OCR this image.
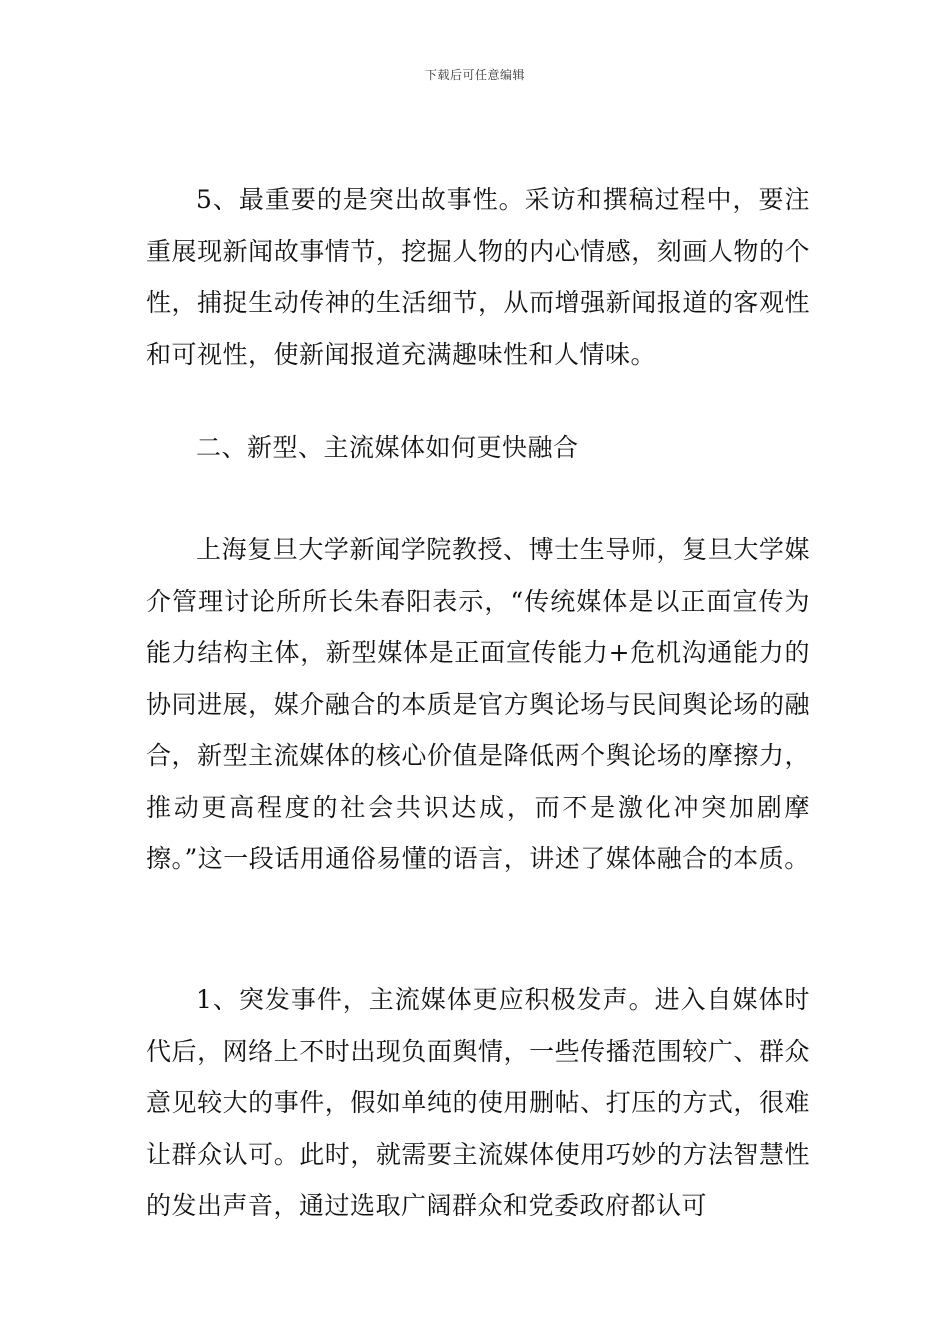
下载后可任意编辑

5、最重要的是突出故事性。采访和撰稿过程中，要注重展现新闻故事情节，挖掘人物的内心情感，刻画人物的个性，捕捉生动传神的生活细节，从而增强新闻报道的客观性和可视性，使新闻报道充满趣味性和人情味。

二、新型、主流媒体如何更快融合

上海复旦大学新闻学院教授、博士生导师，复旦大学媒介管理讨论所所长朱春阳表示，“传统媒体是以正面宣传为能力结构主体，新型媒体是正面宣传能力+危机沟通能力的协同进展，媒介融合的本质是官方舆论场与民间舆论场的融合，新型主流媒体的核心价值是降低两个舆论场的摩擦力，推动更高程度的社会共识达成，而不是激化冲突加剧摩擦。”这一段话用通俗易懂的语言，讲述了媒体融合的本质。

1、突发事件，主流媒体更应积极发声。进入自媒体时代后，网络上不时出现负面舆情，一些传播范围较广、群众意见较大的事件，假如单纯的使用删帖、打压的方式，很难让群众认可。此时，就需要主流媒体使用巧妙的方法智慧性的发出声音，通过选取广阔群众和党委政府都认可
